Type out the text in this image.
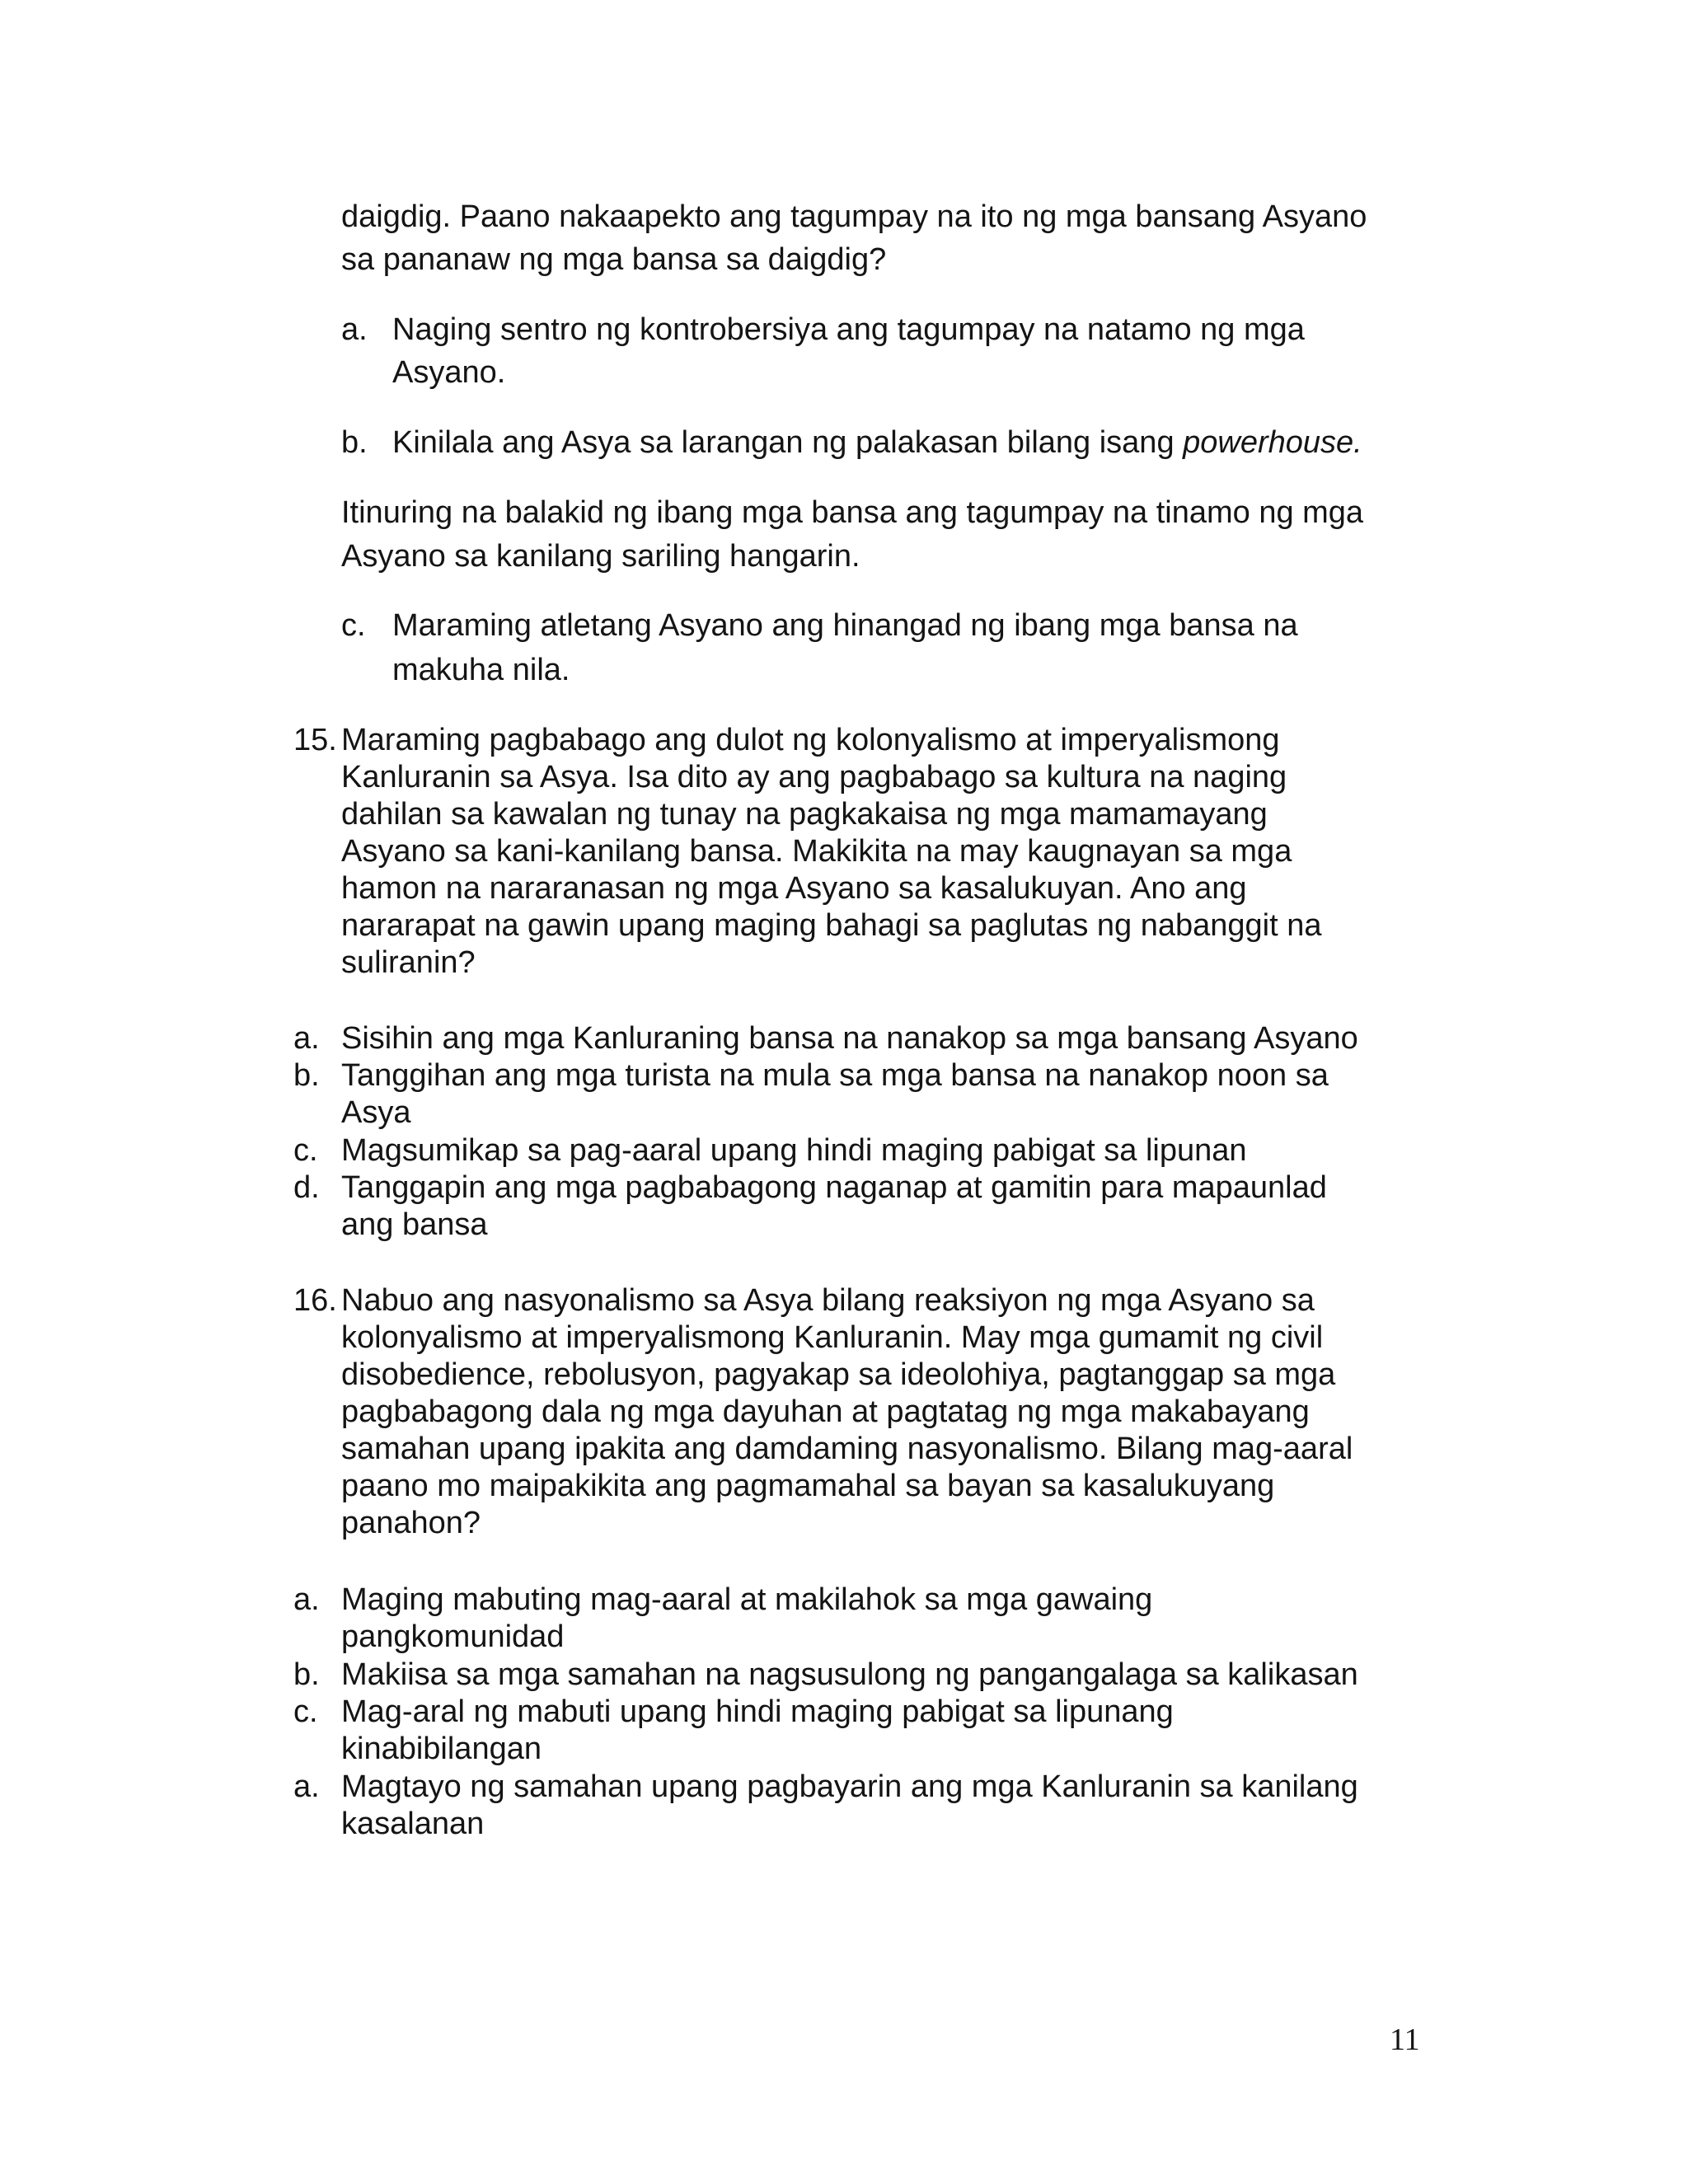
daigdig. Paano nakaapekto ang tagumpay na ito ng mga bansang Asyano
sa pananaw ng mga bansa sa daigdig?
a. Naging sentro ng kontrobersiya ang tagumpay na natamo ng mga
Asyano.
b. Kinilala ang Asya sa larangan ng palakasan bilang isang powerhouse.
Itinuring na balakid ng ibang mga bansa ang tagumpay na tinamo ng mga
Asyano sa kanilang sariling hangarin.
c. Maraming atletang Asyano ang hinangad ng ibang mga bansa na
makuha nila.
15. Maraming pagbabago ang dulot ng kolonyalismo at imperyalismong
Kanluranin sa Asya. Isa dito ay ang pagbabago sa kultura na naging
dahilan sa kawalan ng tunay na pagkakaisa ng mga mamamayang
Asyano sa kani-kanilang bansa. Makikita na may kaugnayan sa mga
hamon na nararanasan ng mga Asyano sa kasalukuyan. Ano ang
nararapat na gawin upang maging bahagi sa paglutas ng nabanggit na
suliranin?
a. Sisihin ang mga Kanluraning bansa na nanakop sa mga bansang Asyano
b. Tanggihan ang mga turista na mula sa mga bansa na nanakop noon sa
Asya
c. Magsumikap sa pag-aaral upang hindi maging pabigat sa lipunan
d. Tanggapin ang mga pagbabagong naganap at gamitin para mapaunlad
ang bansa
16. Nabuo ang nasyonalismo sa Asya bilang reaksiyon ng mga Asyano sa
kolonyalismo at imperyalismong Kanluranin. May mga gumamit ng civil
disobedience, rebolusyon, pagyakap sa ideolohiya, pagtanggap sa mga
pagbabagong dala ng mga dayuhan at pagtatag ng mga makabayang
samahan upang ipakita ang damdaming nasyonalismo. Bilang mag-aaral
paano mo maipakikita ang pagmamahal sa bayan sa kasalukuyang
panahon?
a. Maging mabuting mag-aaral at makilahok sa mga gawaing
pangkomunidad
b. Makiisa sa mga samahan na nagsusulong ng pangangalaga sa kalikasan
c. Mag-aral ng mabuti upang hindi maging pabigat sa lipunang
kinabibilangan
a. Magtayo ng samahan upang pagbayarin ang mga Kanluranin sa kanilang
kasalanan
11
